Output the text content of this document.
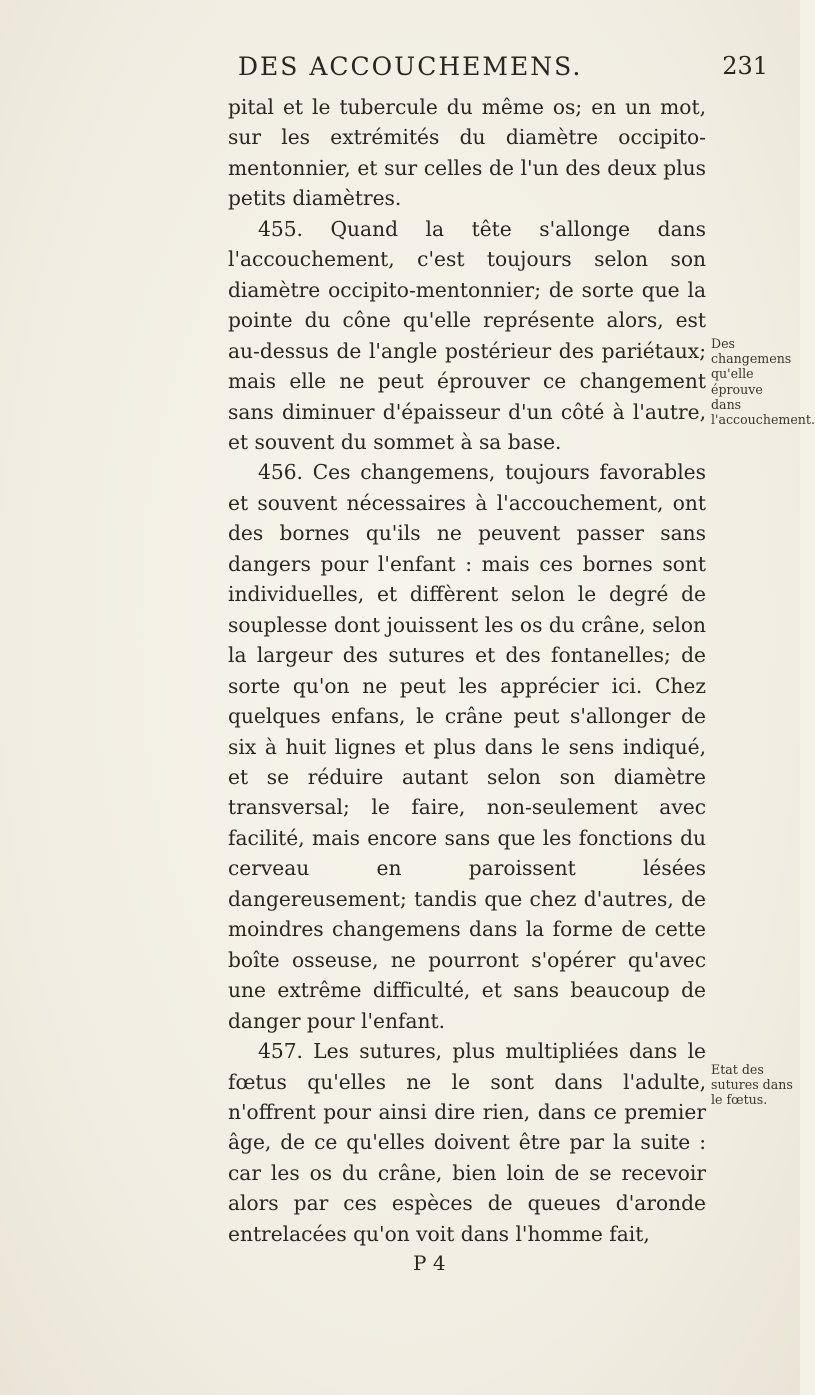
DES ACCOUCHEMENS.	231

pital et le tubercule du même os; en un mot, sur les extrémités du diamètre occipito-mentonnier, et sur celles de l'un des deux plus petits diamètres.

455. Quand la tête s'allonge dans l'accouchement, c'est toujours selon son diamètre occipito-mentonnier; de sorte que la pointe du cône qu'elle représente alors, est au-dessus de l'angle postérieur des pariétaux; mais elle ne peut éprouver ce changement sans diminuer d'épaisseur d'un côté à l'autre, et souvent du sommet à sa base.

456. Ces changemens, toujours favorables et souvent nécessaires à l'accouchement, ont des bornes qu'ils ne peuvent passer sans dangers pour l'enfant : mais ces bornes sont individuelles, et diffèrent selon le degré de souplesse dont jouissent les os du crâne, selon la largeur des sutures et des fontanelles; de sorte qu'on ne peut les apprécier ici. Chez quelques enfans, le crâne peut s'allonger de six à huit lignes et plus dans le sens indiqué, et se réduire autant selon son diamètre transversal; le faire, non-seulement avec facilité, mais encore sans que les fonctions du cerveau en paroissent lésées dangereusement; tandis que chez d'autres, de moindres changemens dans la forme de cette boîte osseuse, ne pourront s'opérer qu'avec une extrême difficulté, et sans beaucoup de danger pour l'enfant.

457. Les sutures, plus multipliées dans le fœtus qu'elles ne le sont dans l'adulte, n'offrent pour ainsi dire rien, dans ce premier âge, de ce qu'elles doivent être par la suite : car les os du crâne, bien loin de se recevoir alors par ces espèces de queues d'aronde entrelacées qu'on voit dans l'homme fait,

Des changemens qu'elle éprouve dans l'accouchement.
Etat des sutures dans le fœtus.
P 4
